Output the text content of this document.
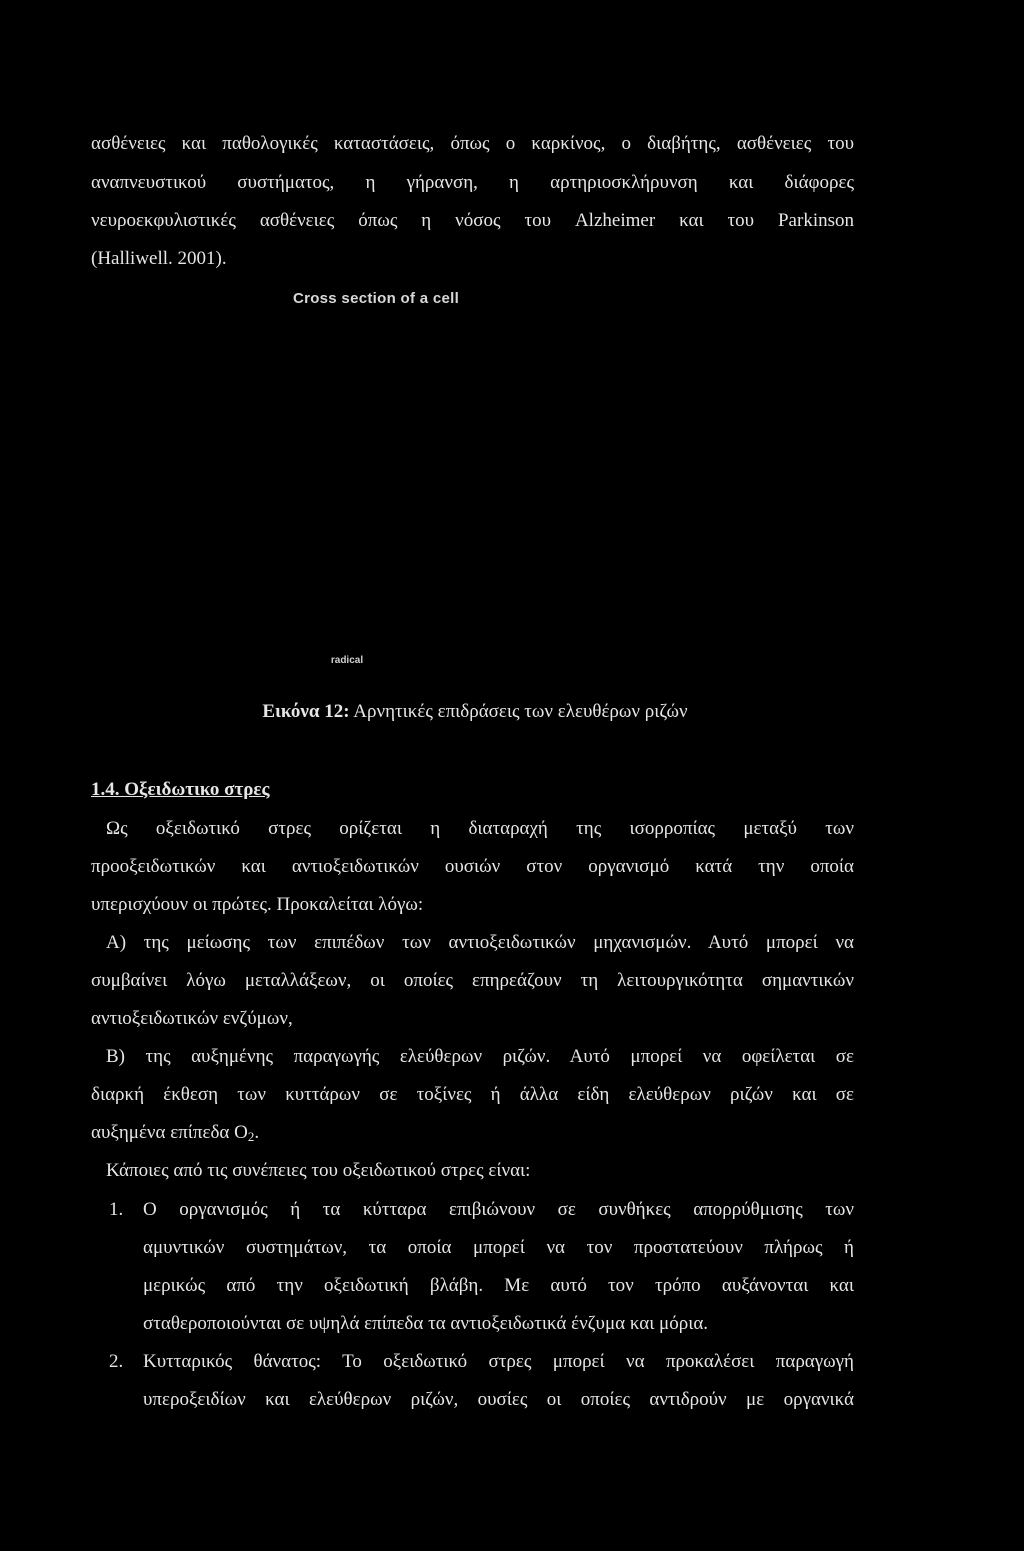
ασθένειες και παθολογικές καταστάσεις, όπως ο καρκίνος, ο διαβήτης, ασθένειες του
αναπνευστικού συστήματος, η γήρανση, η αρτηριοσκλήρυνση και διάφορες
νευροεκφυλιστικές ασθένειες όπως η νόσος του Alzheimer και του Parkinson
(Halliwell. 2001).
Cross section of a cell
radical
Εικόνα 12: Αρνητικές επιδράσεις των ελευθέρων ριζών
1.4. Οξειδωτικο στρες
Ως οξειδωτικό στρες ορίζεται η διαταραχή της ισορροπίας μεταξύ των
προοξειδωτικών και αντιοξειδωτικών ουσιών στον οργανισμό κατά την οποία
υπερισχύουν οι πρώτες. Προκαλείται λόγω:
Α) της μείωσης των επιπέδων των αντιοξειδωτικών μηχανισμών. Αυτό μπορεί να
συμβαίνει λόγω μεταλλάξεων, οι οποίες επηρεάζουν τη λειτουργικότητα σημαντικών
αντιοξειδωτικών ενζύμων,
Β) της αυξημένης παραγωγής ελεύθερων ριζών. Αυτό μπορεί να οφείλεται σε
διαρκή έκθεση των κυττάρων σε τοξίνες ή άλλα είδη ελεύθερων ριζών και σε
αυξημένα επίπεδα $O_2$.
Κάποιες από τις συνέπειες του οξειδωτικού στρες είναι:
1. Ο οργανισμός ή τα κύτταρα επιβιώνουν σε συνθήκες απορρύθμισης των
αμυντικών συστημάτων, τα οποία μπορεί να τον προστατεύουν πλήρως ή
μερικώς από την οξειδωτική βλάβη. Με αυτό τον τρόπο αυξάνονται και
σταθεροποιούνται σε υψηλά επίπεδα τα αντιοξειδωτικά ένζυμα και μόρια.
2. Κυτταρικός θάνατος: Το οξειδωτικό στρες μπορεί να προκαλέσει παραγωγή
υπεροξειδίων και ελεύθερων ριζών, ουσίες οι οποίες αντιδρούν με οργανικά
